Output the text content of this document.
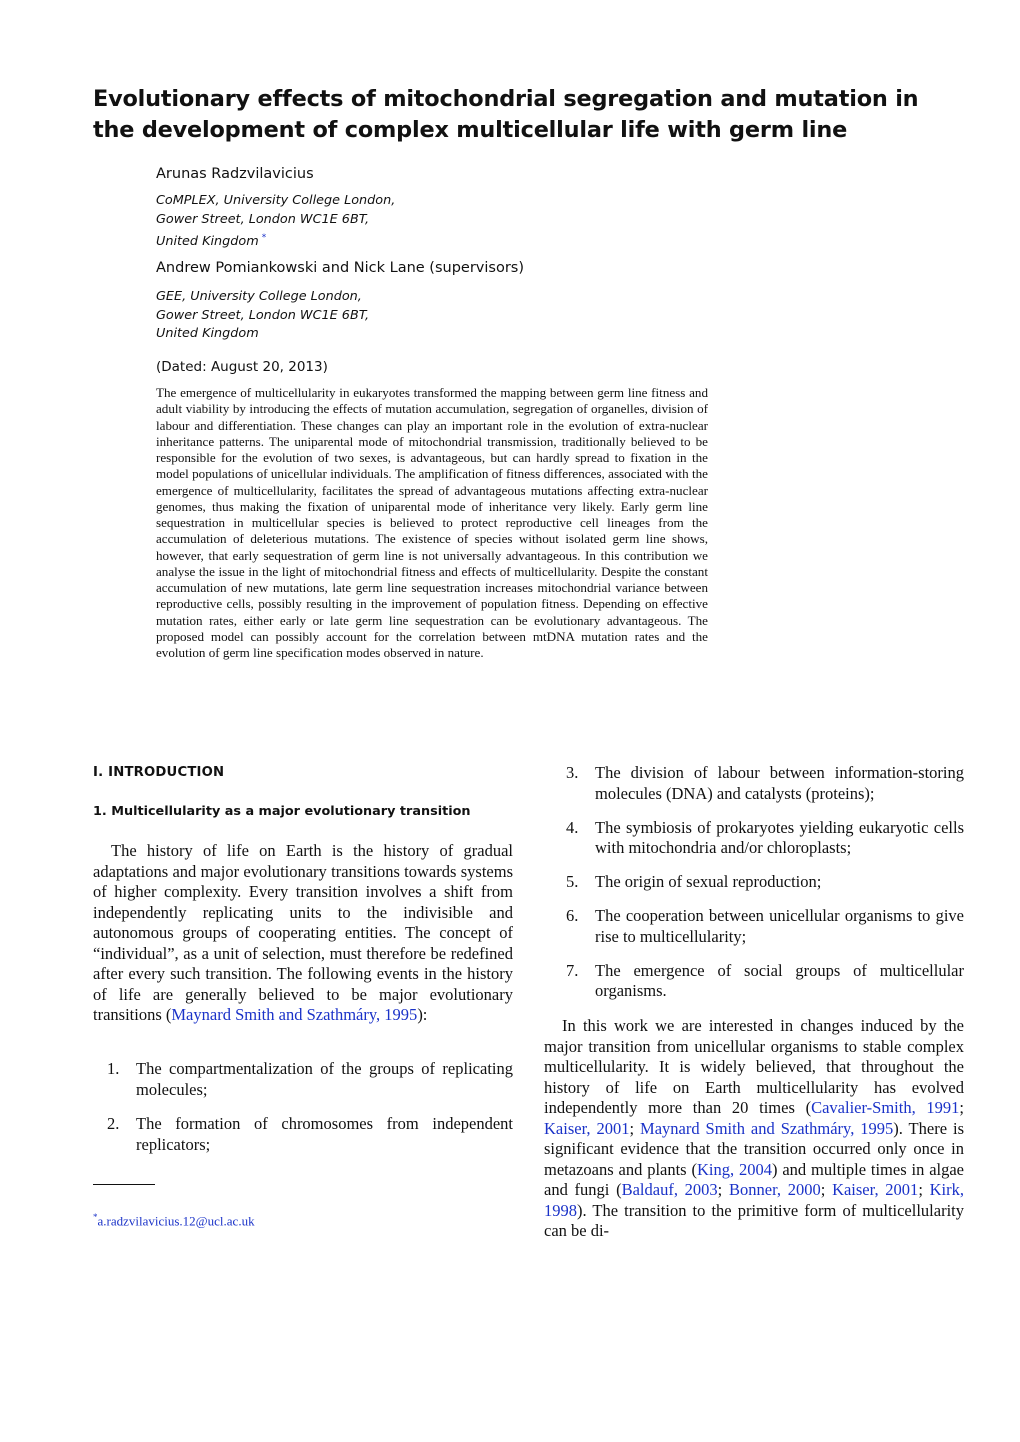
Evolutionary effects of mitochondrial segregation and mutation in the development of complex multicellular life with germ line
Arunas Radzvilavicius
CoMPLEX, University College London,
Gower Street, London WC1E 6BT,
United Kingdom *
Andrew Pomiankowski and Nick Lane (supervisors)
GEE, University College London,
Gower Street, London WC1E 6BT,
United Kingdom
(Dated: August 20, 2013)

The emergence of multicellularity in eukaryotes transformed the mapping between germ line fitness and adult viability by introducing the effects of mutation accumulation, segregation of organelles, division of labour and differentiation. These changes can play an important role in the evolution of extra-nuclear inheritance patterns. The uniparental mode of mitochondrial transmission, traditionally believed to be responsible for the evolution of two sexes, is advantageous, but can hardly spread to fixation in the model populations of unicellular individuals. The amplification of fitness differences, associated with the emergence of multicellularity, facilitates the spread of advantageous mutations affecting extra-nuclear genomes, thus making the fixation of uniparental mode of inheritance very likely. Early germ line sequestration in multicellular species is believed to protect reproductive cell lineages from the accumulation of deleterious mutations. The existence of species without isolated germ line shows, however, that early sequestration of germ line is not universally advantageous. In this contribution we analyse the issue in the light of mitochondrial fitness and effects of multicellularity. Despite the constant accumulation of new mutations, late germ line sequestration increases mitochondrial variance between reproductive cells, possibly resulting in the improvement of population fitness. Depending on effective mutation rates, either early or late germ line sequestration can be evolutionary advantageous. The proposed model can possibly account for the correlation between mtDNA mutation rates and the evolution of germ line specification modes observed in nature.

I. INTRODUCTION
1. Multicellularity as a major evolutionary transition

The history of life on Earth is the history of gradual adaptations and major evolutionary transitions towards systems of higher complexity. Every transition involves a shift from independently replicating units to the indivisible and autonomous groups of cooperating entities. The concept of “individual”, as a unit of selection, must therefore be redefined after every such transition. The following events in the history of life are generally believed to be major evolutionary transitions (Maynard Smith and Szathmáry, 1995):

1. The compartmentalization of the groups of replicating molecules;
2. The formation of chromosomes from independent replicators;
3. The division of labour between information-storing molecules (DNA) and catalysts (proteins);
4. The symbiosis of prokaryotes yielding eukaryotic cells with mitochondria and/or chloroplasts;
5. The origin of sexual reproduction;
6. The cooperation between unicellular organisms to give rise to multicellularity;
7. The emergence of social groups of multicellular organisms.

In this work we are interested in changes induced by the major transition from unicellular organisms to stable complex multicellularity. It is widely believed, that throughout the history of life on Earth multicellularity has evolved independently more than 20 times (Cavalier-Smith, 1991; Kaiser, 2001; Maynard Smith and Szathmáry, 1995). There is significant evidence that the transition occurred only once in metazoans and plants (King, 2004) and multiple times in algae and fungi (Baldauf, 2003; Bonner, 2000; Kaiser, 2001; Kirk, 1998). The transition to the primitive form of multicellularity can be di-

*a.radzvilavicius.12@ucl.ac.uk
